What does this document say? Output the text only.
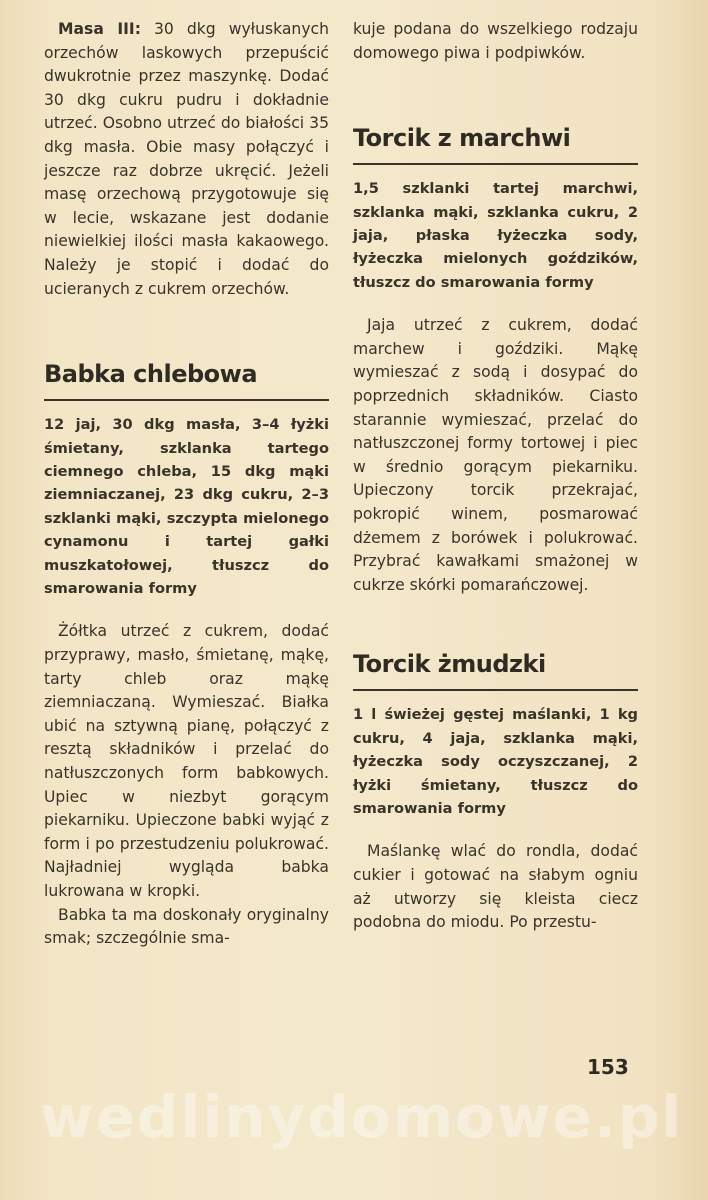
Masa III: 30 dkg wyłuskanych orzechów laskowych przepuścić dwukrotnie przez maszynkę. Dodać 30 dkg cukru pudru i dokładnie utrzeć. Osobno utrzeć do białości 35 dkg masła. Obie masy połączyć i jeszcze raz dobrze ukręcić. Jeżeli masę orzechową przygotowuje się w lecie, wskazane jest dodanie niewielkiej ilości masła kakaowego. Należy je stopić i dodać do ucieranych z cukrem orzechów.

Babka chlebowa

12 jaj, 30 dkg masła, 3–4 łyżki śmietany, szklanka tartego ciemnego chleba, 15 dkg mąki ziemniaczanej, 23 dkg cukru, 2–3 szklanki mąki, szczypta mielonego cynamonu i tartej gałki muszkatołowej, tłuszcz do smarowania formy

Żółtka utrzeć z cukrem, dodać przyprawy, masło, śmietanę, mąkę, tarty chleb oraz mąkę ziemniaczaną. Wymieszać. Białka ubić na sztywną pianę, połączyć z resztą składników i przelać do natłuszczonych form babkowych. Upiec w niezbyt gorącym piekarniku. Upieczone babki wyjąć z form i po przestudzeniu polukrować. Najładniej wygląda babka lukrowana w kropki.

Babka ta ma doskonały oryginalny smak; szczególnie sma-

kuje podana do wszelkiego rodzaju domowego piwa i podpiwków.

Torcik z marchwi

1,5 szklanki tartej marchwi, szklanka mąki, szklanka cukru, 2 jaja, płaska łyżeczka sody, łyżeczka mielonych goździków, tłuszcz do smarowania formy

Jaja utrzeć z cukrem, dodać marchew i goździki. Mąkę wymieszać z sodą i dosypać do poprzednich składników. Ciasto starannie wymieszać, przelać do natłuszczonej formy tortowej i piec w średnio gorącym piekarniku. Upieczony torcik przekrajać, pokropić winem, posmarować dżemem z borówek i polukrować. Przybrać kawałkami smażonej w cukrze skórki pomarańczowej.

Torcik żmudzki

1 l świeżej gęstej maślanki, 1 kg cukru, 4 jaja, szklanka mąki, łyżeczka sody oczyszczanej, 2 łyżki śmietany, tłuszcz do smarowania formy

Maślankę wlać do rondla, dodać cukier i gotować na słabym ogniu aż utworzy się kleista ciecz podobna do miodu. Po przestu-

153
wedlinydomowe.pl
